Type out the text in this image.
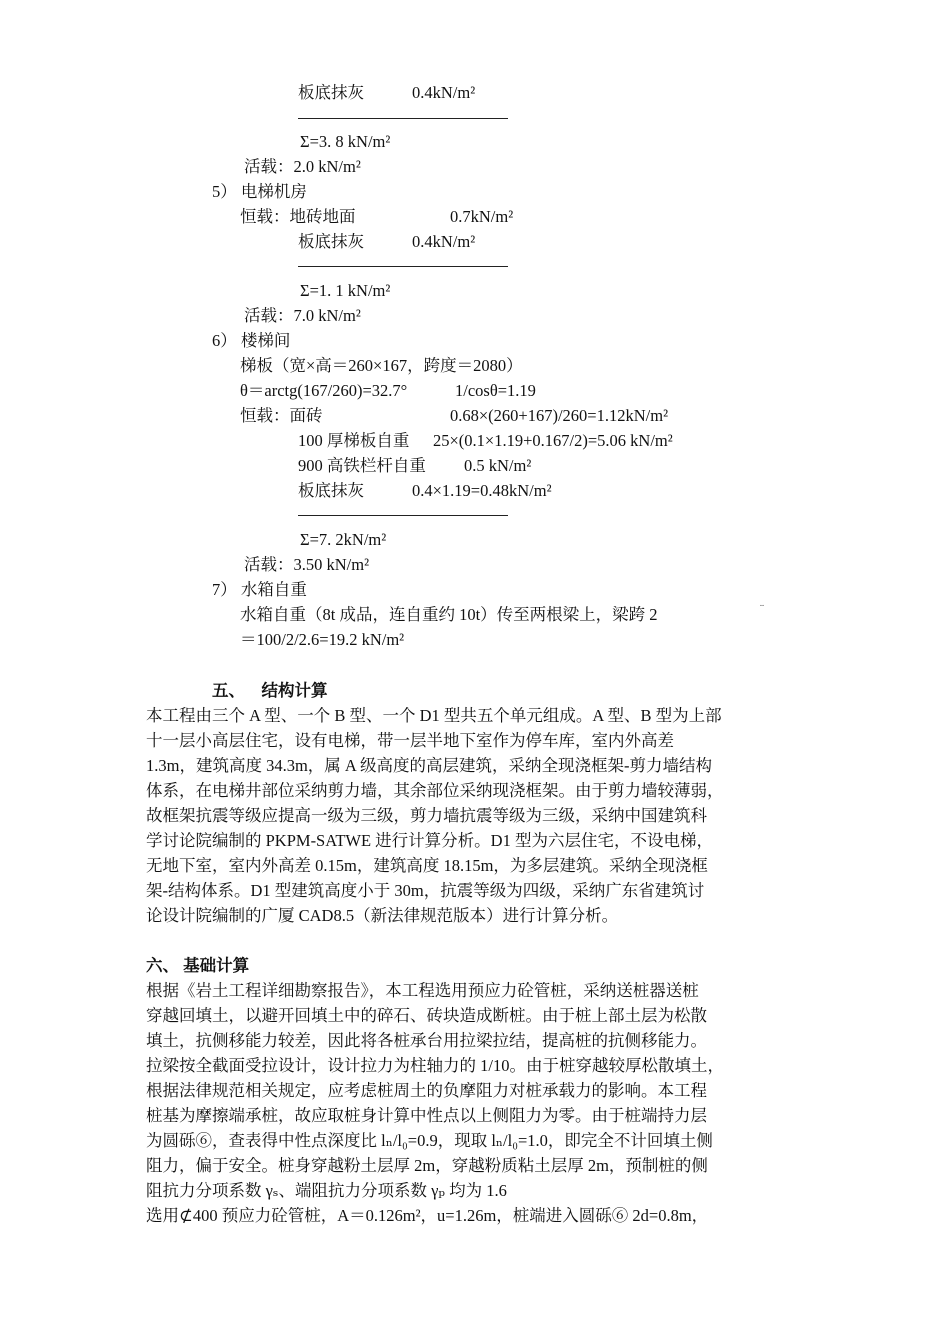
板底抹灰	0.4kN/m²
Σ=3. 8 kN/m²
活载：2.0 kN/m²
5） 电梯机房
恒载：地砖地面	0.7kN/m²
板底抹灰	0.4kN/m²
Σ=1. 1 kN/m²
活载：7.0 kN/m²
6） 楼梯间
梯板（宽×高＝260×167，跨度＝2080）
θ＝arctg(167/260)=32.7°	1/cosθ=1.19
恒载：面砖	0.68×(260+167)/260=1.12kN/m²
100 厚梯板自重 25×(0.1×1.19+0.167/2)=5.06 kN/m²
900 高铁栏杆自重 0.5 kN/m²
板底抹灰	0.4×1.19=0.48kN/m²
Σ=7. 2kN/m²
活载：3.50 kN/m²
7） 水箱自重
水箱自重（8t 成品，连自重约 10t）传至两根梁上，梁跨 2	¨
＝100/2/2.6=19.2 kN/m²
五、    结构计算
本工程由三个 A 型、一个 B 型、一个 D1 型共五个单元组成。A 型、B 型为上部
十一层小高层住宅，设有电梯，带一层半地下室作为停车库，室内外高差
1.3m，建筑高度 34.3m，属 A 级高度的高层建筑，采纳全现浇框架-剪力墙结构
体系，在电梯井部位采纳剪力墙，其余部位采纳现浇框架。由于剪力墙较薄弱，
故框架抗震等级应提高一级为三级，剪力墙抗震等级为三级，采纳中国建筑科
学讨论院编制的 PKPM-SATWE 进行计算分析。D1 型为六层住宅，不设电梯，
无地下室，室内外高差 0.15m，建筑高度 18.15m，为多层建筑。采纳全现浇框
架-结构体系。D1 型建筑高度小于 30m，抗震等级为四级，采纳广东省建筑讨
论设计院编制的广厦 CAD8.5（新法律规范版本）进行计算分析。
六、 基础计算
根据《岩土工程详细勘察报告》，本工程选用预应力砼管桩，采纳送桩器送桩
穿越回填土，以避开回填土中的碎石、砖块造成断桩。由于桩上部土层为松散
填土，抗侧移能力较差，因此将各桩承台用拉梁拉结，提高桩的抗侧移能力。
拉梁按全截面受拉设计，设计拉力为柱轴力的 1/10。由于桩穿越较厚松散填土，
根据法律规范相关规定，应考虑桩周土的负摩阻力对桩承载力的影响。本工程
桩基为摩擦端承桩，故应取桩身计算中性点以上侧阻力为零。由于桩端持力层
为圆砾⑥，查表得中性点深度比 lₙ/l₀=0.9，现取 lₙ/l₀=1.0，即完全不计回填土侧
阻力，偏于安全。桩身穿越粉土层厚 2m，穿越粉质粘土层厚 2m，预制桩的侧
阻抗力分项系数 γₛ、端阻抗力分项系数 γₚ 均为 1.6
选用⊄400 预应力砼管桩，A＝0.126m²，u=1.26m，桩端进入圆砾⑥ 2d=0.8m，
